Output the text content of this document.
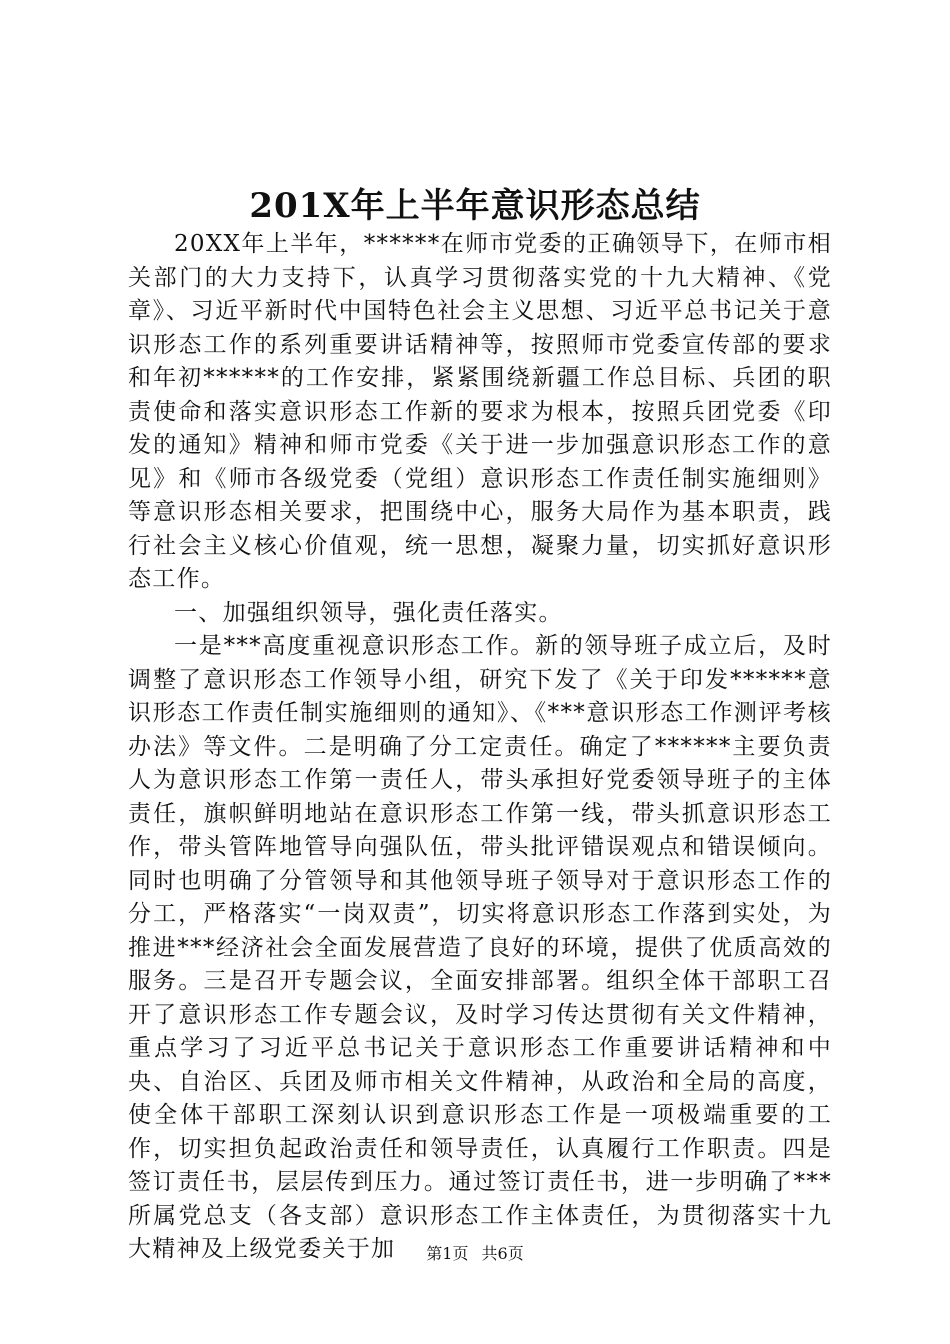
201X年上半年意识形态总结

20XX年上半年，******在师市党委的正确领导下，在师市相关部门的大力支持下，认真学习贯彻落实党的十九大精神、《党章》、习近平新时代中国特色社会主义思想、习近平总书记关于意识形态工作的系列重要讲话精神等，按照师市党委宣传部的要求和年初******的工作安排，紧紧围绕新疆工作总目标、兵团的职责使命和落实意识形态工作新的要求为根本，按照兵团党委《印发的通知》精神和师市党委《关于进一步加强意识形态工作的意见》和《师市各级党委（党组）意识形态工作责任制实施细则》等意识形态相关要求，把围绕中心，服务大局作为基本职责，践行社会主义核心价值观，统一思想，凝聚力量，切实抓好意识形态工作。

一、加强组织领导，强化责任落实。

一是***高度重视意识形态工作。新的领导班子成立后，及时调整了意识形态工作领导小组，研究下发了《关于印发******意识形态工作责任制实施细则的通知》、《***意识形态工作测评考核办法》等文件。二是明确了分工定责任。确定了******主要负责人为意识形态工作第一责任人，带头承担好党委领导班子的主体责任，旗帜鲜明地站在意识形态工作第一线，带头抓意识形态工作，带头管阵地管导向强队伍，带头批评错误观点和错误倾向。同时也明确了分管领导和其他领导班子领导对于意识形态工作的分工，严格落实“一岗双责”，切实将意识形态工作落到实处，为推进***经济社会全面发展营造了良好的环境，提供了优质高效的服务。三是召开专题会议，全面安排部署。组织全体干部职工召开了意识形态工作专题会议，及时学习传达贯彻有关文件精神，重点学习了习近平总书记关于意识形态工作重要讲话精神和中央、自治区、兵团及师市相关文件精神，从政治和全局的高度，使全体干部职工深刻认识到意识形态工作是一项极端重要的工作，切实担负起政治责任和领导责任，认真履行工作职责。四是签订责任书，层层传到压力。通过签订责任书，进一步明确了***所属党总支（各支部）意识形态工作主体责任，为贯彻落实十九大精神及上级党委关于加	第1页 共6页
